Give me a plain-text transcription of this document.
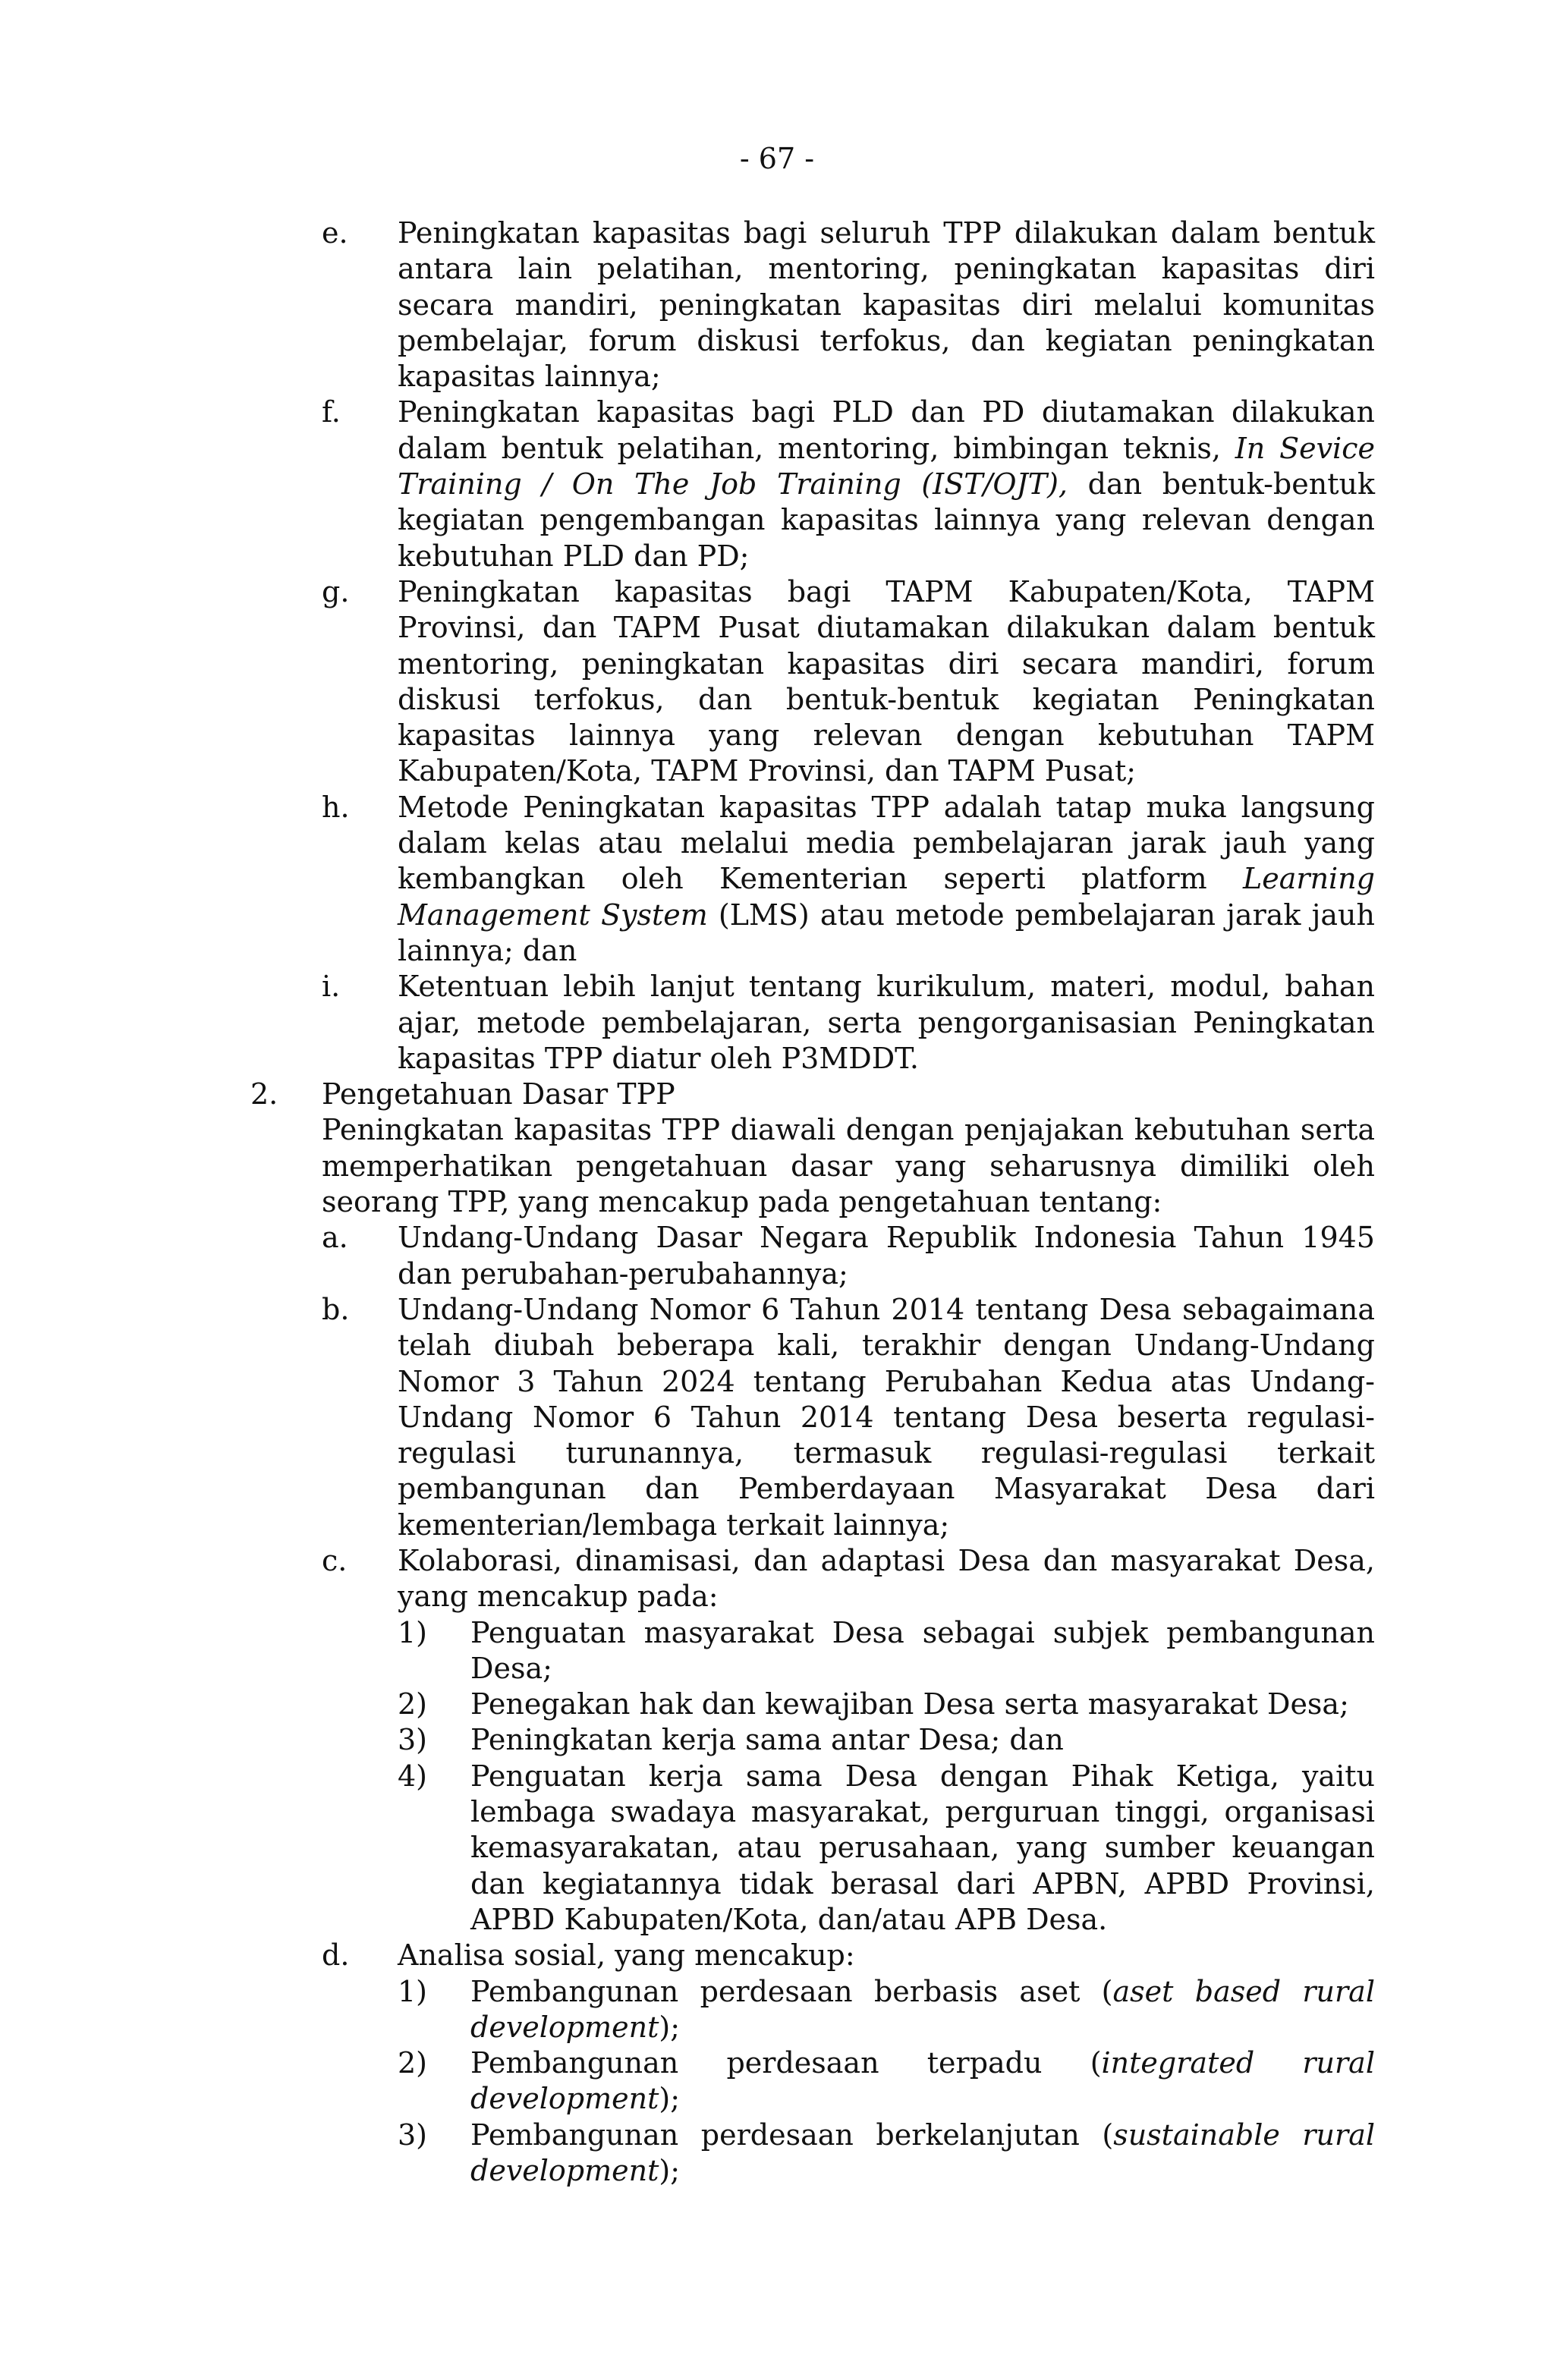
- 67 -
e. Peningkatan kapasitas bagi seluruh TPP dilakukan dalam bentuk antara lain pelatihan, mentoring, peningkatan kapasitas diri secara mandiri, peningkatan kapasitas diri melalui komunitas pembelajar, forum diskusi terfokus, dan kegiatan peningkatan kapasitas lainnya;
f. Peningkatan kapasitas bagi PLD dan PD diutamakan dilakukan dalam bentuk pelatihan, mentoring, bimbingan teknis, In Sevice Training / On The Job Training (IST/OJT), dan bentuk-bentuk kegiatan pengembangan kapasitas lainnya yang relevan dengan kebutuhan PLD dan PD;
g. Peningkatan kapasitas bagi TAPM Kabupaten/Kota, TAPM Provinsi, dan TAPM Pusat diutamakan dilakukan dalam bentuk mentoring, peningkatan kapasitas diri secara mandiri, forum diskusi terfokus, dan bentuk-bentuk kegiatan Peningkatan kapasitas lainnya yang relevan dengan kebutuhan TAPM Kabupaten/Kota, TAPM Provinsi, dan TAPM Pusat;
h. Metode Peningkatan kapasitas TPP adalah tatap muka langsung dalam kelas atau melalui media pembelajaran jarak jauh yang kembangkan oleh Kementerian seperti platform Learning Management System (LMS) atau metode pembelajaran jarak jauh lainnya; dan
i. Ketentuan lebih lanjut tentang kurikulum, materi, modul, bahan ajar, metode pembelajaran, serta pengorganisasian Peningkatan kapasitas TPP diatur oleh P3MDDT.
2. Pengetahuan Dasar TPP
Peningkatan kapasitas TPP diawali dengan penjajakan kebutuhan serta memperhatikan pengetahuan dasar yang seharusnya dimiliki oleh seorang TPP, yang mencakup pada pengetahuan tentang:
a. Undang-Undang Dasar Negara Republik Indonesia Tahun 1945 dan perubahan-perubahannya;
b. Undang-Undang Nomor 6 Tahun 2014 tentang Desa sebagaimana telah diubah beberapa kali, terakhir dengan Undang-Undang Nomor 3 Tahun 2024 tentang Perubahan Kedua atas Undang-Undang Nomor 6 Tahun 2014 tentang Desa beserta regulasi-regulasi turunannya, termasuk regulasi-regulasi terkait pembangunan dan Pemberdayaan Masyarakat Desa dari kementerian/lembaga terkait lainnya;
c. Kolaborasi, dinamisasi, dan adaptasi Desa dan masyarakat Desa, yang mencakup pada:
1) Penguatan masyarakat Desa sebagai subjek pembangunan Desa;
2) Penegakan hak dan kewajiban Desa serta masyarakat Desa;
3) Peningkatan kerja sama antar Desa; dan
4) Penguatan kerja sama Desa dengan Pihak Ketiga, yaitu lembaga swadaya masyarakat, perguruan tinggi, organisasi kemasyarakatan, atau perusahaan, yang sumber keuangan dan kegiatannya tidak berasal dari APBN, APBD Provinsi, APBD Kabupaten/Kota, dan/atau APB Desa.
d. Analisa sosial, yang mencakup:
1) Pembangunan perdesaan berbasis aset (aset based rural development);
2) Pembangunan perdesaan terpadu (integrated rural development);
3) Pembangunan perdesaan berkelanjutan (sustainable rural development);
